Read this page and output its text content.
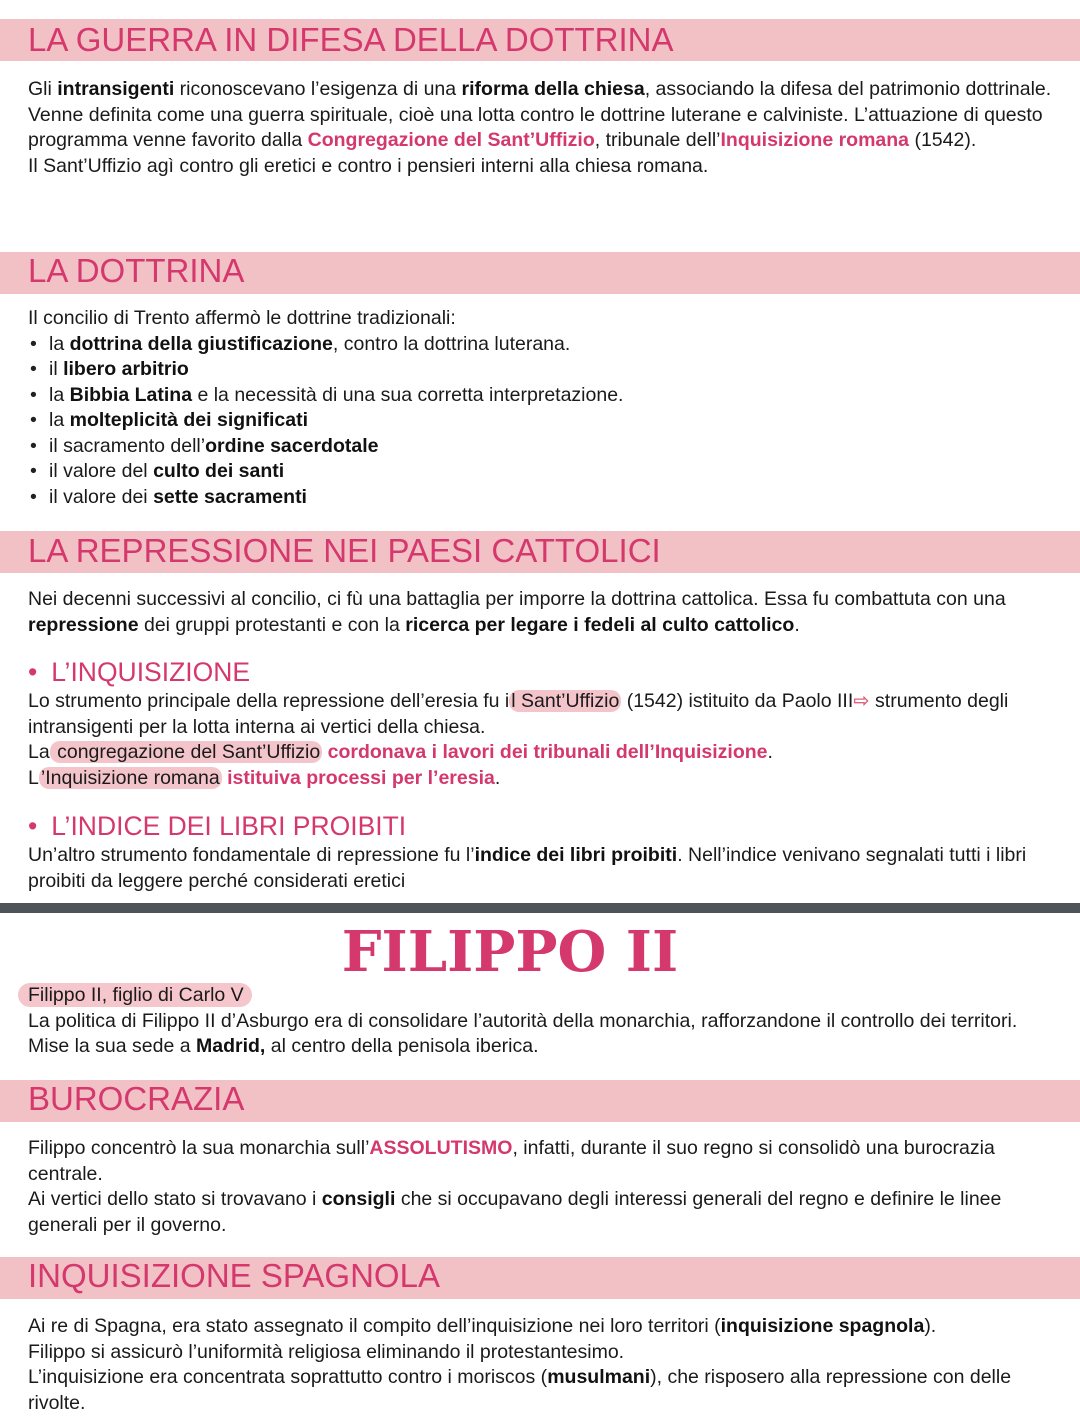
LA GUERRA IN DIFESA DELLA DOTTRINA
Gli intransigenti riconoscevano l’esigenza di una riforma della chiesa, associando la difesa del patrimonio dottrinale.
Venne definita come una guerra spirituale, cioè una lotta contro le dottrine luterane e calviniste. L’attuazione di questo programma venne favorito dalla Congregazione del Sant’Uffizio, tribunale dell’Inquisizione romana (1542).
Il Sant’Uffizio agì contro gli eretici e contro i pensieri interni alla chiesa romana.
LA DOTTRINA
Il concilio di Trento affermò le dottrine tradizionali:
• la dottrina della giustificazione, contro la dottrina luterana.
• il libero arbitrio
• la Bibbia Latina e la necessità di una sua corretta interpretazione.
• la molteplicità dei significati
• il sacramento dell’ordine sacerdotale
• il valore del culto dei santi
• il valore dei sette sacramenti
LA REPRESSIONE NEI PAESI CATTOLICI
Nei decenni successivi al concilio, ci fù una battaglia per imporre la dottrina cattolica. Essa fu combattuta con una repressione dei gruppi protestanti e con la ricerca per legare i fedeli al culto cattolico.
• L’INQUISIZIONE
Lo strumento principale della repressione dell’eresia fu i l Sant’Uffizio (1542) istituito da Paolo III⇨ strumento degli intransigenti per la lotta interna ai vertici della chiesa.
La congregazione del Sant’Uffizio cordonava i lavori dei tribunali dell’Inquisizione.
L ’Inquisizione romana istituiva processi per l’eresia.
• L’INDICE DEI LIBRI PROIBITI
Un’altro strumento fondamentale di repressione fu l’indice dei libri proibiti. Nell’indice venivano segnalati tutti i libri proibiti da leggere perché considerati eretici
FILIPPO II
Filippo II, figlio di Carlo V
La politica di Filippo II d’Asburgo era di consolidare l’autorità della monarchia, rafforzandone il controllo dei territori. Mise la sua sede a Madrid, al centro della penisola iberica.
BUROCRAZIA
Filippo concentrò la sua monarchia sull’ASSOLUTISMO, infatti, durante il suo regno si consolidò una burocrazia centrale.
Ai vertici dello stato si trovavano i consigli che si occupavano degli interessi generali del regno e definire le linee generali per il governo.
INQUISIZIONE SPAGNOLA
Ai re di Spagna, era stato assegnato il compito dell’inquisizione nei loro territori (inquisizione spagnola).
Filippo si assicurò l’uniformità religiosa eliminando il protestantesimo.
L’inquisizione era concentrata soprattutto contro i moriscos (musulmani), che risposero alla repressione con delle rivolte.
